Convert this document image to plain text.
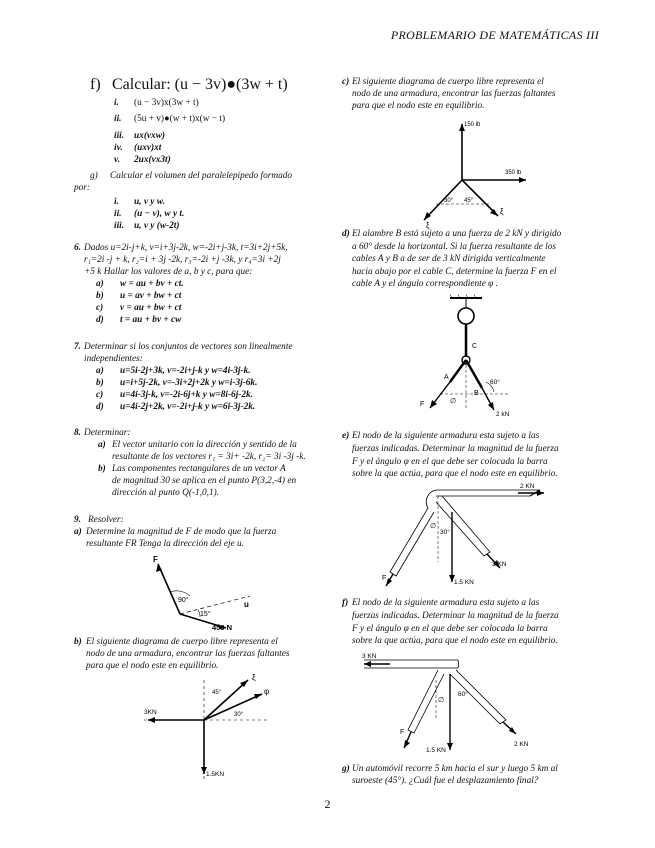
PROBLEMARIO DE MATEMÁTICAS III
f) Calcular:
(u − 3v)●(3w + t)
i.	(u − 3v)x(3w + t)
ii.	(5u + v)●(w + t)x(w − t)
iii.	ux(vxw)
iv.	(uxv)xt
v.	2ux(vx3t)
g)	Calcular el volumen del paralelepípedo formado
por:
i.	u, v y w.
ii.	(u − v), w y t.
iii.	u, v y (w-2t)
6. Dados u=2i-j+k, v=i+3j-2k, w=-2i+j-3k, t=3i+2j+5k,
r₁=2i -j + k, r₂=i + 3j -2k, r₃=-2i +j -3k, y r₄=3i +2j
+5 k Hallar los valores de a, b y c, para que:
a)	w = au + bv + ct.
b)	u = av + bw + ct
c)	v = au + bw + ct
d)	t = au + bv + cw
7. Determinar si los conjuntos de vectores son linealmente
independientes:
a)	u=5i-2j+3k, v=-2i+j-k y w=4i-3j-k.
b)	u=i+5j-2k, v=-3i+2j+2k y w=i-3j-6k.
c)	u=4i-3j-k, v=-2i-6j+k y w=8i-6j-2k.
d)	u=4i-2j+2k, v=-2i+j-k y w=6i-3j-2k.
8. Determinar:
a) El vector unitario con la dirección y sentido de la
resultante de los vectores r₁ = 3i+ -2k, r₂= 3i -3j -k.
b) Las componentes rectangulares de un vector A
de magnitud 30 se aplica en el punto P(3,2,-4) en
dirección al punto Q(-1,0,1).
9. Resolver:
a) Determine la magnitud de F de modo que la fuerza
resultante FR Tenga la dirección del eje u.
F
90°
15°
u
450 N
b) El siguiente diagrama de cuerpo libre representa el
nodo de una armadura, encontrar las fuerzas faltantes
para que el nodo este en equilibrio.
3KN
1.5KN
45°
30°
ξ
φ
c) El siguiente diagrama de cuerpo libre representa el
nodo de una armadura, encontrar las fuerzas faltantes
para que el nodo este en equilibrio.
150 lb
350 lb
30° 45°
ξ
ξ
d) El alambre B está sujeto a una fuerza de 2 kN y dirigido
a 60° desde la horizontal. Si la fuerza resultante de los
cables A y B a de ser de 3 kN dirigida verticalmente
hacia abajo por el cable C, determine la fuerza F en el
cable A y el ángulo correspondiente φ .
C
A
B
F
60°
∅
2 kN
e) El nodo de la siguiente armadura esta sujeto a las
fuerzas indicadas. Determinar la magnitud de la fuerza
F y el ángulo φ en el que debe ser colocada la barra
sobre la que actúa, para que el nodo este en equilibrio.
2 KN
30°
∅
F
1.5 KN
3 KN
f) El nodo de la siguiente armadura esta sujeto a las
fuerzas indicadas. Determinar la magnitud de la fuerza
F y el ángulo φ en el que debe ser colocada la barra
sobre la que actúa, para que el nodo este en equilibrio.
3 KN
60°
∅
F
1.5 KN
2 KN
g) Un automóvil recorre 5 km hacia el sur y luego 5 km al
suroeste (45°). ¿Cuál fue el desplazamiento final?
2
